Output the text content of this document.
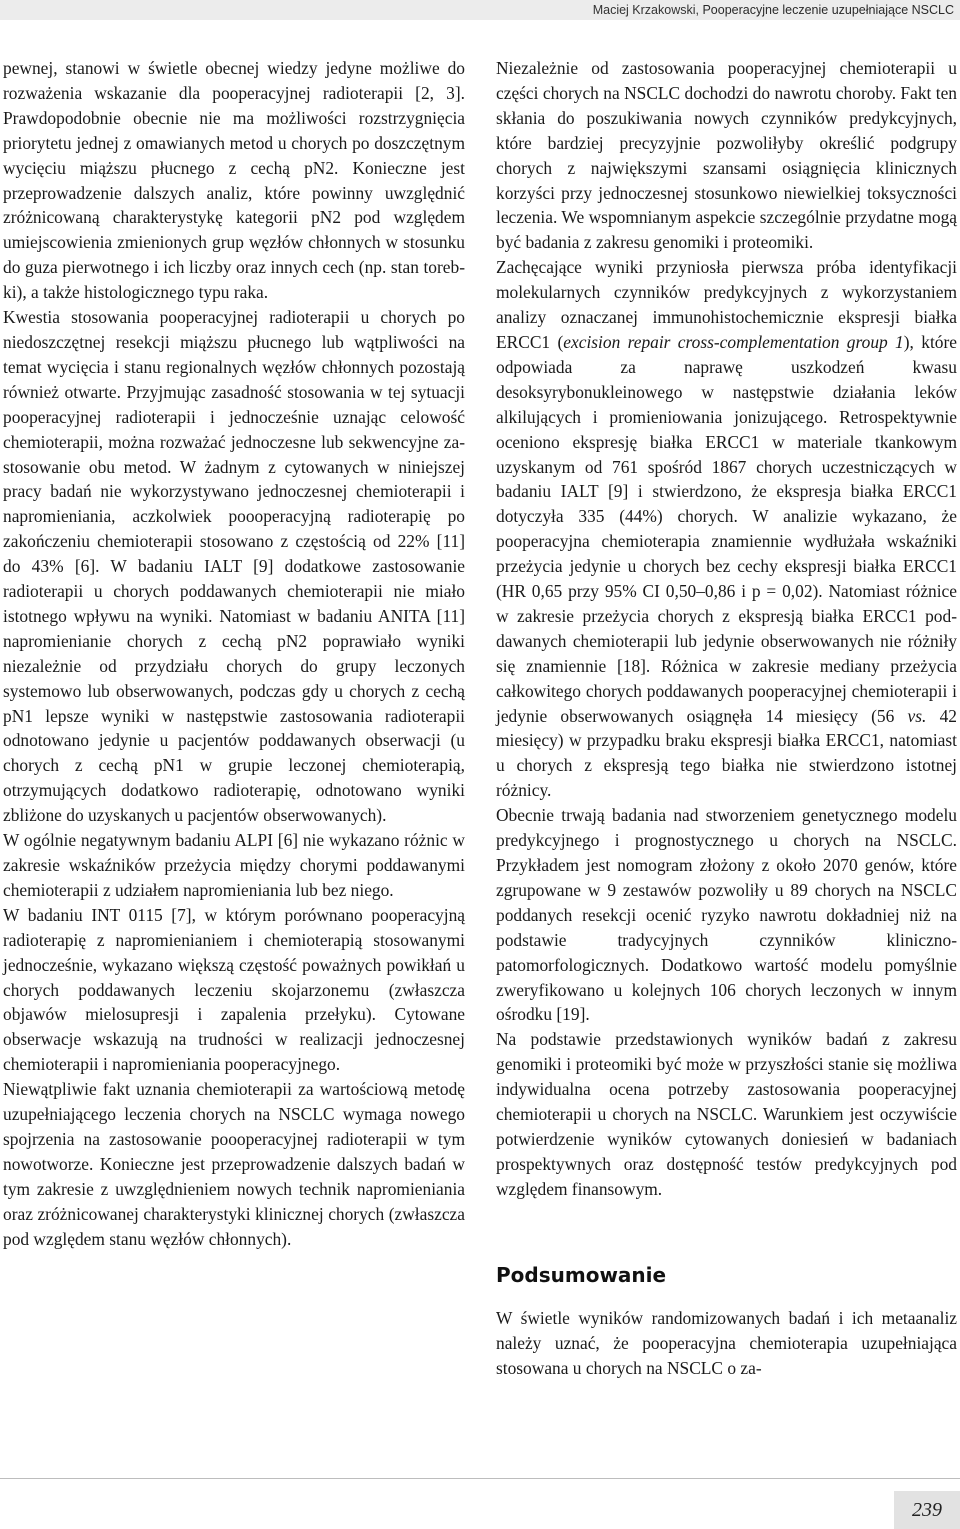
Maciej Krzakowski, Pooperacyjne leczenie uzupełniające NSCLC

pewnej, stanowi w świetle obecnej wiedzy jedyne możliwe do rozważenia wskazanie dla pooperacyjnej radioterapii [2, 3]. Prawdopodobnie obecnie nie ma możliwości rozstrzygnięcia priorytetu jednej z omawianych metod u chorych po doszczętnym wycięciu miąższu płucnego z cechą pN2. Konieczne jest przeprowadzenie dalszych analiz, które powinny uwzględnić zróżnicowaną charakterystykę kategorii pN2 pod względem umiejscowienia zmienionych grup węzłów chłonnych w stosunku do guza pierwotnego i ich liczby oraz innych cech (np. stan torebki), a także histologicznego typu raka.

Kwestia stosowania pooperacyjnej radioterapii u chorych po niedoszczętnej resekcji miąższu płucnego lub wątpliwości na temat wycięcia i stanu regionalnych węzłów chłonnych pozostają również otwarte. Przyjmując zasadność stosowania w tej sytuacji pooperacyjnej radioterapii i jednocześnie uznając celowość chemioterapii, można rozważać jednoczesne lub sekwencyjne zastosowanie obu metod. W żadnym z cytowanych w niniejszej pracy badań nie wykorzystywano jednoczesnej chemioterapii i napromieniania, aczkolwiek poooperacyjną radioterapię po zakończeniu chemioterapii stosowano z częstością od 22% [11] do 43% [6]. W badaniu IALT [9] dodatkowe zastosowanie radioterapii u chorych poddawanych chemioterapii nie miało istotnego wpływu na wyniki. Natomiast w badaniu ANITA [11] napromienianie chorych z cechą pN2 poprawiało wyniki niezależnie od przydziału chorych do grupy leczonych systemowo lub obserwowanych, podczas gdy u chorych z cechą pN1 lepsze wyniki w następstwie zastosowania radioterapii odnotowano jedynie u pacjentów poddawanych obserwacji (u chorych z cechą pN1 w grupie leczonej chemioterapią, otrzymujących dodatkowo radioterapię, odnotowano wyniki zbliżone do uzyskanych u pacjentów obserwowanych).

W ogólnie negatywnym badaniu ALPI [6] nie wykazano różnic w zakresie wskaźników przeżycia między chorymi poddawanymi chemioterapii z udziałem napromieniania lub bez niego.

W badaniu INT 0115 [7], w którym porównano pooperacyjną radioterapię z napromienianiem i chemioterapią stosowanymi jednocześnie, wykazano większą częstość poważnych powikłań u chorych poddawanych leczeniu skojarzonemu (zwłaszcza objawów mielosupresji i zapalenia przełyku). Cytowane obserwacje wskazują na trudności w realizacji jednoczesnej chemioterapii i napromieniania pooperacyjnego.

Niewątpliwie fakt uznania chemioterapii za wartościową metodę uzupełniającego leczenia chorych na NSCLC wymaga nowego spojrzenia na zastosowanie poooperacyjnej radioterapii w tym nowotworze. Konieczne jest przeprowadzenie dalszych badań w tym zakresie z uwzględnieniem nowych technik napromieniania oraz zróżnicowanej charakterystyki klinicznej chorych (zwłaszcza pod względem stanu węzłów chłonnych).

Niezależnie od zastosowania pooperacyjnej chemioterapii u części chorych na NSCLC dochodzi do nawrotu choroby. Fakt ten skłania do poszukiwania nowych czynników predykcyjnych, które bardziej precyzyjnie pozwoliłyby określić podgrupy chorych z największymi szansami osiągnięcia klinicznych korzyści przy jednoczesnej stosunkowo niewielkiej toksyczności leczenia. We wspomnianym aspekcie szczególnie przydatne mogą być badania z zakresu genomiki i proteomiki.

Zachęcające wyniki przyniosła pierwsza próba identyfikacji molekularnych czynników predykcyjnych z wykorzystaniem analizy oznaczanej immunohistochemicznie ekspresji białka ERCC1 (excision repair cross-complementation group 1), które odpowiada za naprawę uszkodzeń kwasu desoksyrybonukleinowego w następstwie działania leków alkilujących i promieniowania jonizującego. Retrospektywnie oceniono ekspresję białka ERCC1 w materiale tkankowym uzyskanym od 761 spośród 1867 chorych uczestniczących w badaniu IALT [9] i stwierdzono, że ekspresja białka ERCC1 dotyczyła 335 (44%) chorych. W analizie wykazano, że pooperacyjna chemioterapia znamiennie wydłużała wskaźniki przeżycia jedynie u chorych bez cechy ekspresji białka ERCC1 (HR 0,65 przy 95% CI 0,50–0,86 i p = 0,02). Natomiast różnice w zakresie przeżycia chorych z ekspresją białka ERCC1 poddawanych chemioterapii lub jedynie obserwowanych nie różniły się znamiennie [18]. Różnica w zakresie mediany przeżycia całkowitego chorych poddawanych pooperacyjnej chemioterapii i jedynie obserwowanych osiągnęła 14 miesięcy (56 vs. 42 miesięcy) w przypadku braku ekspresji białka ERCC1, natomiast u chorych z ekspresją tego białka nie stwierdzono istotnej różnicy.

Obecnie trwają badania nad stworzeniem genetycznego modelu predykcyjnego i prognostycznego u chorych na NSCLC. Przykładem jest nomogram złożony z około 2070 genów, które zgrupowane w 9 zestawów pozwoliły u 89 chorych na NSCLC poddanych resekcji ocenić ryzyko nawrotu dokładniej niż na podstawie tradycyjnych czynników kliniczno-patomorfologicznych. Dodatkowo wartość modelu pomyślnie zweryfikowano u kolejnych 106 chorych leczonych w innym ośrodku [19].

Na podstawie przedstawionych wyników badań z zakresu genomiki i proteomiki być może w przyszłości stanie się możliwa indywidualna ocena potrzeby zastosowania pooperacyjnej chemioterapii u chorych na NSCLC. Warunkiem jest oczywiście potwierdzenie wyników cytowanych doniesień w badaniach prospektywnych oraz dostępność testów predykcyjnych pod względem finansowym.

Podsumowanie

W świetle wyników randomizowanych badań i ich metaanaliz należy uznać, że pooperacyjna chemioterapia uzupełniająca stosowana u chorych na NSCLC o za-

239
